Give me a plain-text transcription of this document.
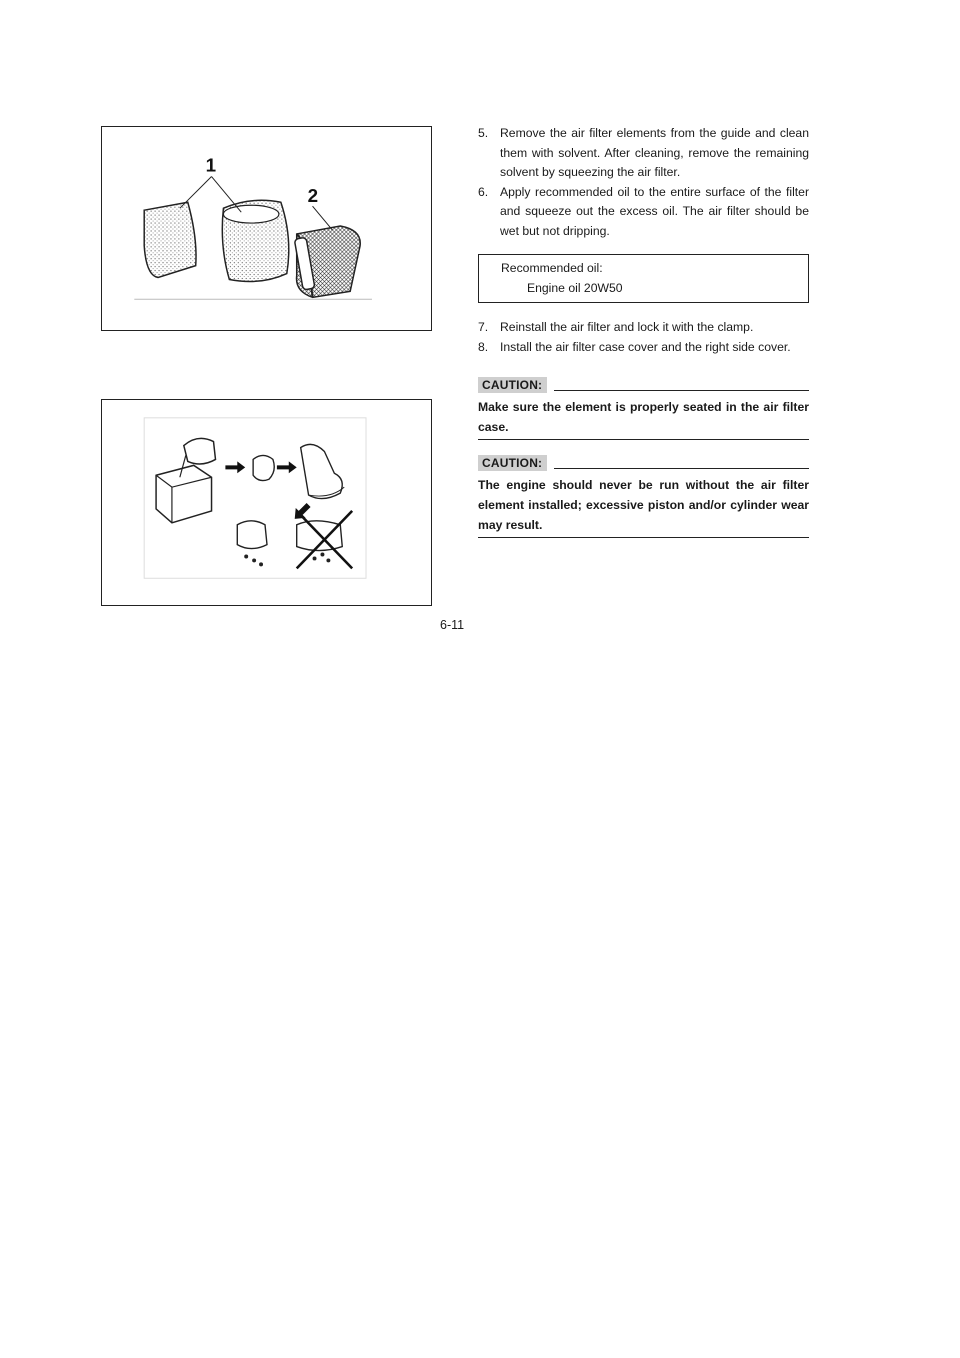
1
2
5. Remove the air filter elements from the guide and clean them with solvent. After cleaning, remove the remaining solvent by squeezing the air filter.
6. Apply recommended oil to the entire surface of the filter and squeeze out the excess oil. The air filter should be wet but not dripping.
Recommended oil:
Engine oil 20W50
7. Reinstall the air filter and lock it with the clamp.
8. Install the air filter case cover and the right side cover.
CAUTION:
Make sure the element is properly seated in the air filter case.
CAUTION:
The engine should never be run without the air filter element installed; excessive piston and/or cylinder wear may result.
6-11
